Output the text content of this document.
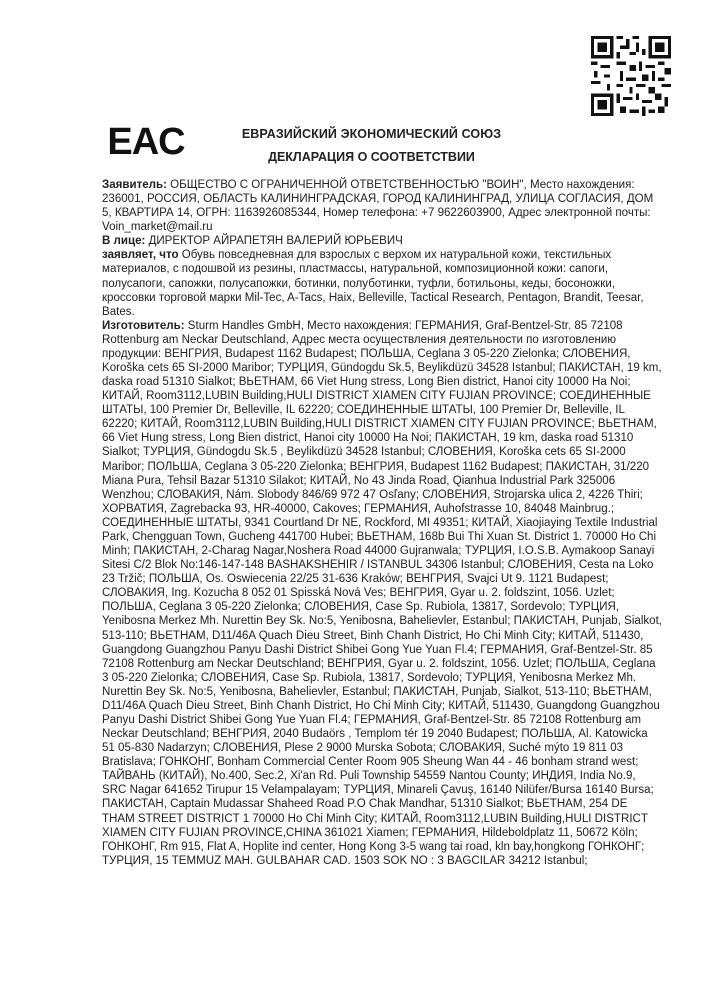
EAC	ЕВРАЗИЙСКИЙ ЭКОНОМИЧЕСКИЙ СОЮЗ
ДЕКЛАРАЦИЯ О СООТВЕТСТВИИ

Заявитель: ОБЩЕСТВО С ОГРАНИЧЕННОЙ ОТВЕТСТВЕННОСТЬЮ "ВОИН", Место нахождения: 236001, РОССИЯ, ОБЛАСТЬ КАЛИНИНГРАДСКАЯ, ГОРОД КАЛИНИНГРАД, УЛИЦА СОГЛАСИЯ, ДОМ 5, КВАРТИРА 14, ОГРН: 1163926085344, Номер телефона: +7 9622603900, Адрес электронной почты: Voin_market@mail.ru

В лице: ДИРЕКТОР АЙРАПЕТЯН ВАЛЕРИЙ ЮРЬЕВИЧ

заявляет, что Обувь повседневная для взрослых с верхом их натуральной кожи, текстильных материалов, с подошвой из резины, пластмассы, натуральной, композиционной кожи: сапоги, полусапоги, сапожки, полусапожки, ботинки, полуботинки, туфли, ботильоны, кеды, босоножки, кроссовки торговой марки Mil-Tec, A-Tacs, Haix, Belleville, Tactical Research, Pentagon, Brandit, Teesar, Bates.

Изготовитель: Sturm Handles GmbH, Место нахождения: ГЕРМАНИЯ, Graf-Bentzel-Str. 85 72108 Rottenburg am Neckar Deutschland, Адрес места осуществления деятельности по изготовлению продукции: ВЕНГРИЯ, Budapest 1162 Budapest; ПОЛЬША, Ceglana 3 05-220 Zielonka; СЛОВЕНИЯ, Koroška cets 65 SI-2000 Maribor; ТУРЦИЯ, Gündogdu Sk.5, Beylikdüzü 34528 Istanbul; ПАКИСТАН, 19 km, daska road 51310 Sialkot; ВЬЕТНАМ, 66 Viet Hung stress, Long Bien district, Hanoi city 10000 Ha Noi; КИТАЙ, Room3112,LUBIN Building,HULI DISTRICT XIAMEN CITY FUJIAN PROVINCE; СОЕДИНЕННЫЕ ШТАТЫ, 100 Premier Dr, Belleville, IL 62220; СОЕДИНЕННЫЕ ШТАТЫ, 100 Premier Dr, Belleville, IL 62220; КИТАЙ, Room3112,LUBIN Building,HULI DISTRICT XIAMEN CITY FUJIAN PROVINCE; ВЬЕТНАМ, 66 Viet Hung stress, Long Bien district, Hanoi city 10000 Ha Noi; ПАКИСТАН, 19 km, daska road 51310 Sialkot; ТУРЦИЯ, Gündogdu Sk.5 , Beylikdüzü 34528 Istanbul; СЛОВЕНИЯ, Koroška cets 65 SI-2000 Maribor; ПОЛЬША, Ceglana 3 05-220 Zielonka; ВЕНГРИЯ, Budapest 1162 Budapest; ПАКИСТАН, 31/220 Miana Pura, Tehsil Bazar 51310 Silakot; КИТАЙ, No 43 Jinda Road, Qianhua Industrial Park 325006 Wenzhou; СЛОВАКИЯ, Nám. Slobody 846/69 972 47 Osľany; СЛОВЕНИЯ, Strojarska ulica 2, 4226 Thiri; ХОРВАТИЯ, Zagrebacka 93, HR-40000, Cakoves; ГЕРМАНИЯ, Auhofstrasse 10, 84048 Mainbrug.; СОЕДИНЕННЫЕ ШТАТЫ, 9341 Courtland Dr NE, Rockford, MI 49351; КИТАЙ, Xiaojiaying Textile Industrial Park, Chengguan Town, Gucheng 441700 Hubei; ВЬЕТНАМ, 168b Bui Thi Xuan St. District 1. 70000 Ho Chi Minh; ПАКИСТАН, 2-Charag Nagar,Noshera Road 44000 Gujranwala; ТУРЦИЯ, I.O.S.B. Aymakoop Sanayi Sitesi C/2 Blok No:146-147-148 BASHAKSHEHIR / ISTANBUL 34306 Istanbul; СЛОВЕНИЯ, Cesta na Loko 23 Tržič; ПОЛЬША, Os. Oswiecenia 22/25 31-636 Kraków; ВЕНГРИЯ, Svajci Ut 9. 1121 Budapest; СЛОВАКИЯ, Ing. Kozucha 8 052 01 Spisská Nová Ves; ВЕНГРИЯ, Gyar u. 2. foldszint, 1056. Uzlet; ПОЛЬША, Ceglana 3 05-220 Zielonka; СЛОВЕНИЯ, Case Sp. Rubiola, 13817, Sordevolo; ТУРЦИЯ, Yenibosna Merkez Mh. Nurettin Bey Sk. No:5, Yenibosna, Bahelievler, Estanbul; ПАКИСТАН, Punjab, Sialkot, 513-110; ВЬЕТНАМ, D11/46A Quach Dieu Street, Binh Chanh District, Ho Chi Minh City; КИТАЙ, 511430, Guangdong Guangzhou Panyu Dashi District Shibei Gong Yue Yuan Fl.4; ГЕРМАНИЯ, Graf-Bentzel-Str. 85 72108 Rottenburg am Neckar Deutschland; ВЕНГРИЯ, Gyar u. 2. foldszint, 1056. Uzlet; ПОЛЬША, Ceglana 3 05-220 Zielonka; СЛОВЕНИЯ, Case Sp. Rubiola, 13817, Sordevolo; ТУРЦИЯ, Yenibosna Merkez Mh. Nurettin Bey Sk. No:5, Yenibosna, Bahelievler, Estanbul; ПАКИСТАН, Punjab, Sialkot, 513-110; ВЬЕТНАМ, D11/46A Quach Dieu Street, Binh Chanh District, Ho Chi Minh City; КИТАЙ, 511430, Guangdong Guangzhou Panyu Dashi District Shibei Gong Yue Yuan Fl.4; ГЕРМАНИЯ, Graf-Bentzel-Str. 85 72108 Rottenburg am Neckar Deutschland; ВЕНГРИЯ, 2040 Budaörs , Templom tér 19 2040 Budapest; ПОЛЬША, Al. Katowicka 51 05-830 Nadarzyn; СЛОВЕНИЯ, Plese 2 9000 Murska Sobota; СЛОВАКИЯ, Suché mýto 19 811 03 Bratislava; ГОНКОНГ, Bonham Commercial Center Room 905 Sheung Wan 44 - 46 bonham strand west; ТАЙВАНЬ (КИТАЙ), No.400, Sec.2, Xi'an Rd. Puli Township 54559 Nantou County; ИНДИЯ, India No.9, SRC Nagar 641652 Tirupur 15 Velampalayam; ТУРЦИЯ, Minareli Çavuş, 16140 Nilüfer/Bursa 16140 Bursa; ПАКИСТАН, Captain Mudassar Shaheed Road P.O Chak Mandhar, 51310 Sialkot; ВЬЕТНАМ, 254 DE THAM STREET DISTRICT 1 70000 Ho Chi Minh City; КИТАЙ, Room3112,LUBIN Building,HULI DISTRICT XIAMEN CITY FUJIAN PROVINCE,CHINA 361021 Xiamen; ГЕРМАНИЯ, Hildeboldplatz 11, 50672 Köln; ГОНКОНГ, Rm 915, Flat A, Hoplite ind center, Hong Kong 3-5 wang tai road, kln bay,hongkong ГОНКОНГ; ТУРЦИЯ, 15 TEMMUZ MAH. GULBAHAR CAD. 1503 SOK NO : 3 BAGCILAR 34212 Istanbul;
